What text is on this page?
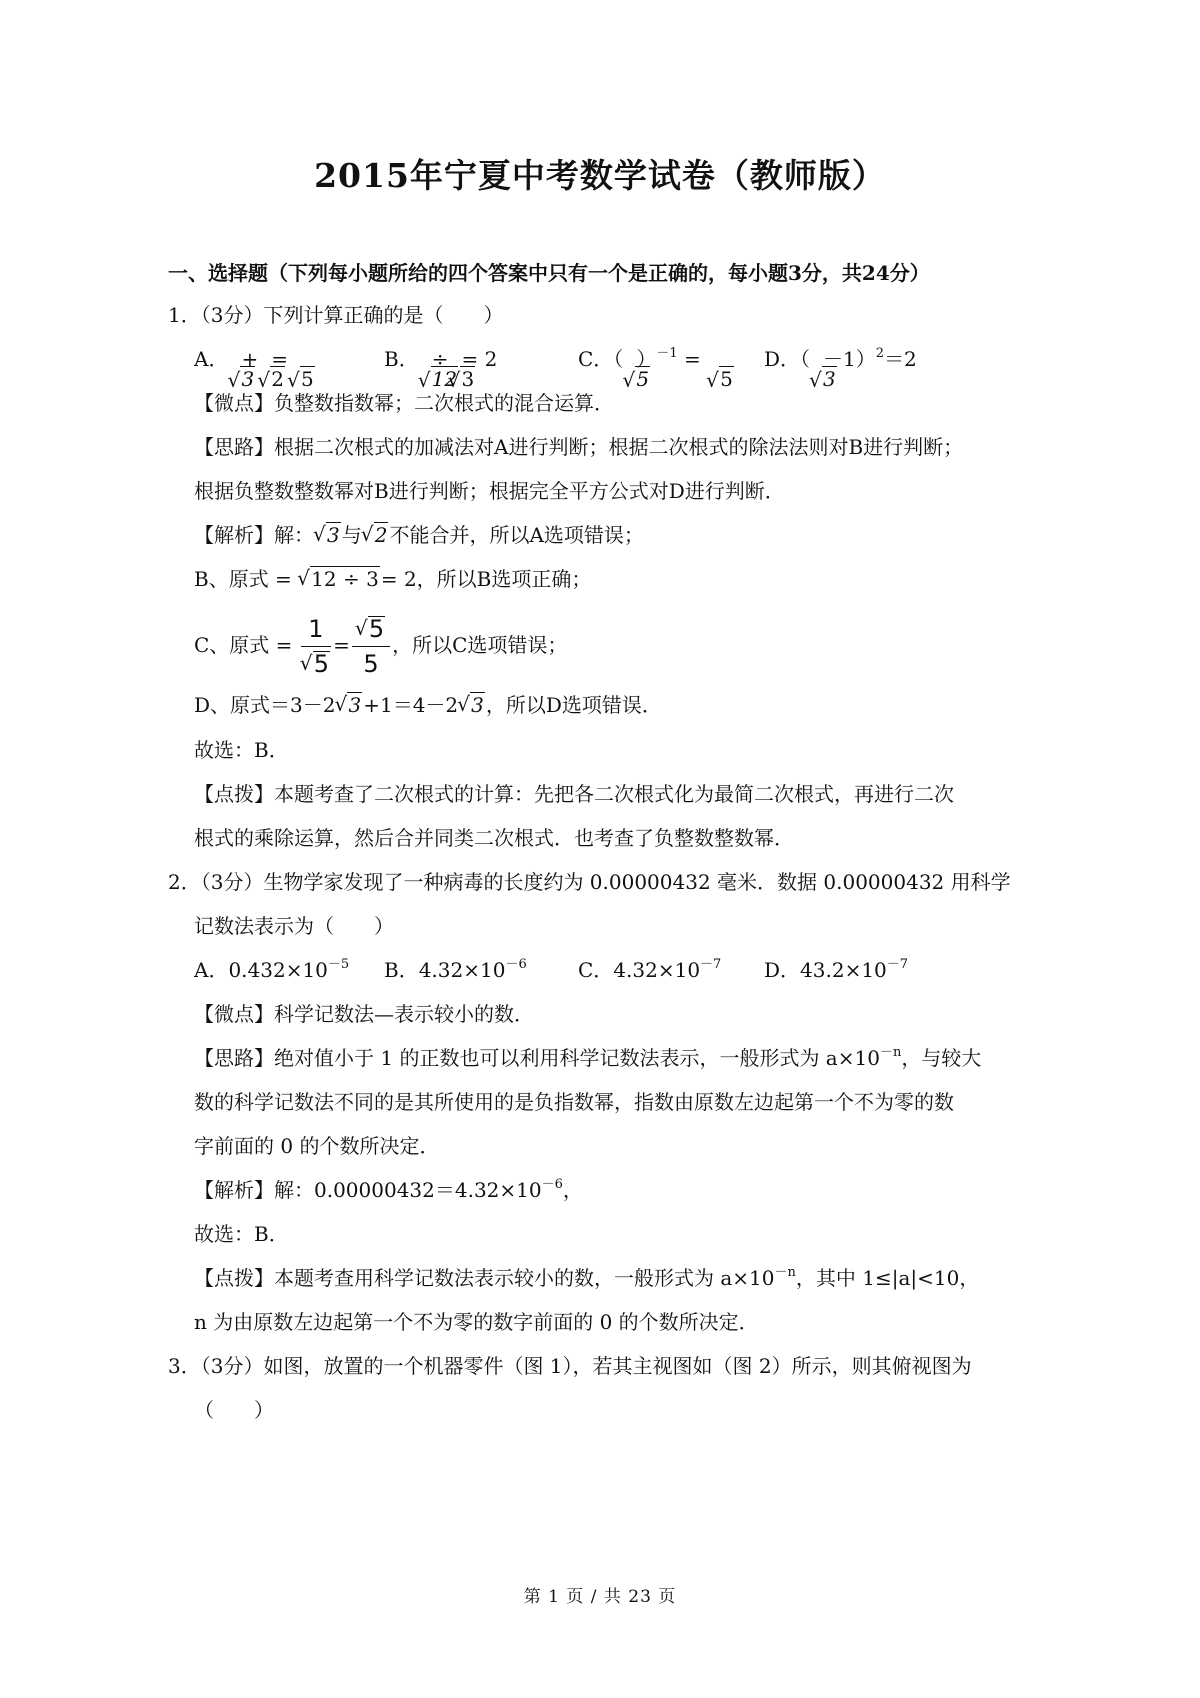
2015年宁夏中考数学试卷（教师版）
一、选择题（下列每小题所给的四个答案中只有一个是正确的，每小题3分，共24分）
1．（3分）下列计算正确的是（　　）
A．
3
+
2
=
5
B．
12
÷
3
= 2	C．（
5
）$^{-1}$ =
5
D．（
3
－1）$^2$＝2
【微点】负整数指数幂；二次根式的混合运算．
【思路】根据二次根式的加减法对A进行判断；根据二次根式的除法法则对B进行判断；
根据负整数整数幂对B进行判断；根据完全平方公式对D进行判断．
【解析】解： √ 3 与 √ 2 不能合并，所以A选项错误；
B、原式 = √ 12 ÷ 3 = 2，所以B选项正确；
C、原式 = 1
√ 5 = √ $\frac{5}{5}$ ，所以C选项错误；
D、原式＝3－2 √ 3 +1＝4－2 √ 3 ，所以D选项错误．
故选：B．
【点拨】本题考查了二次根式的计算：先把各二次根式化为最简二次根式，再进行二次
根式的乘除运算，然后合并同类二次根式．也考查了负整数整数幂．
2．（3分）生物学家发现了一种病毒的长度约为 0.00000432 毫米．数据 0.00000432 用科学
记数法表示为（　　）
A．$0.432\times 10^{-5}$ B．$4.32\times 10^{-6}$	C．$4.32\times 10^{-7}$ D．$43.2\times 10^{-7}$
【微点】科学记数法—表示较小的数．
【思路】绝对值小于 1 的正数也可以利用科学记数法表示，一般形式为 $a\times 10^{-n}$，与较大
数的科学记数法不同的是其所使用的是负指数幂，指数由原数左边起第一个不为零的数
字前面的 0 的个数所决定．
【解析】解：$0.00000432=4.32\times 10^{-6}$，
故选：B．
【点拨】本题考查用科学记数法表示较小的数，一般形式为 $a\times 10^{-n}$，其中 1≤|a|<10，
n 为由原数左边起第一个不为零的数字前面的 0 的个数所决定．
3．（3分）如图，放置的一个机器零件（图 1），若其主视图如（图 2）所示，则其俯视图为
（　　）
第 1 页 / 共 23 页
